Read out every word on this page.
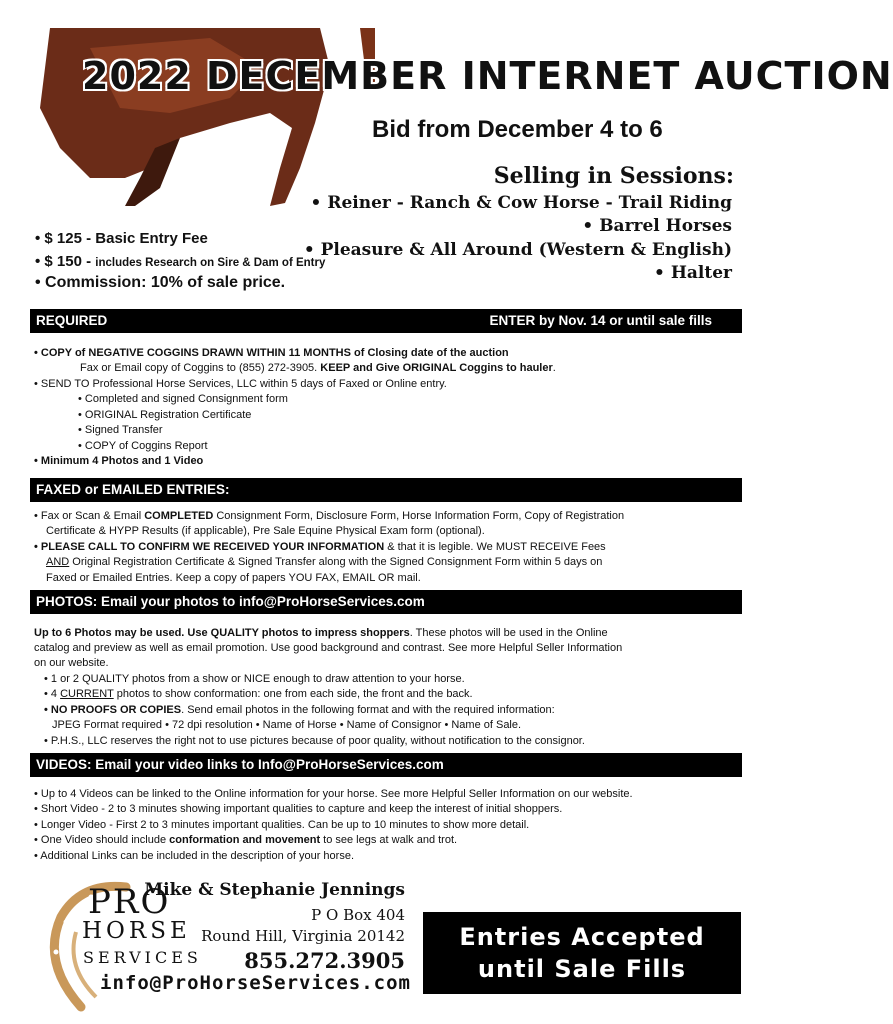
2022 DECEMBER INTERNET AUCTION
Bid from December 4 to 6
Selling in Sessions:
• Reiner - Ranch & Cow Horse - Trail Riding
• Barrel Horses
• Pleasure & All Around (Western & English)
• Halter
• $ 125 - Basic Entry Fee
• $ 150 - includes Research on Sire & Dam of Entry
• Commission: 10% of sale price.
REQUIRED	ENTER by Nov. 14 or until sale fills
• COPY of NEGATIVE COGGINS DRAWN WITHIN 11 MONTHS of Closing date of the auction
Fax or Email copy of Coggins to (855) 272-3905. KEEP and Give ORIGINAL Coggins to hauler.
• SEND TO Professional Horse Services, LLC within 5 days of Faxed or Online entry.
• Completed and signed Consignment form
• ORIGINAL Registration Certificate
• Signed Transfer
• COPY of Coggins Report
• Minimum 4 Photos and 1 Video
FAXED or EMAILED ENTRIES:
• Fax or Scan & Email COMPLETED Consignment Form, Disclosure Form, Horse Information Form, Copy of Registration
Certificate & HYPP Results (if applicable), Pre Sale Equine Physical Exam form (optional).
• PLEASE CALL TO CONFIRM WE RECEIVED YOUR INFORMATION & that it is legible. We MUST RECEIVE Fees
AND Original Registration Certificate & Signed Transfer along with the Signed Consignment Form within 5 days on
Faxed or Emailed Entries. Keep a copy of papers YOU FAX, EMAIL OR mail.
PHOTOS: Email your photos to info@ProHorseServices.com
Up to 6 Photos may be used. Use QUALITY photos to impress shoppers. These photos will be used in the Online
catalog and preview as well as email promotion. Use good background and contrast. See more Helpful Seller Information
on our website.
• 1 or 2 QUALITY photos from a show or NICE enough to draw attention to your horse.
• 4 CURRENT photos to show conformation: one from each side, the front and the back.
• NO PROOFS OR COPIES. Send email photos in the following format and with the required information:
JPEG Format required • 72 dpi resolution • Name of Horse • Name of Consignor • Name of Sale.
• P.H.S., LLC reserves the right not to use pictures because of poor quality, without notification to the consignor.
VIDEOS: Email your video links to Info@ProHorseServices.com
• Up to 4 Videos can be linked to the Online information for your horse. See more Helpful Seller Information on our website.
• Short Video - 2 to 3 minutes showing important qualities to capture and keep the interest of initial shoppers.
• Longer Video - First 2 to 3 minutes important qualities. Can be up to 10 minutes to show more detail.
• One Video should include conformation and movement to see legs at walk and trot.
• Additional Links can be included in the description of your horse.
PRO
HORSE
SERVICES
Mike & Stephanie Jennings
P O Box 404
Round Hill, Virginia 20142
855.272.3905
info@ProHorseServices.com
Entries Accepted
until Sale Fills
